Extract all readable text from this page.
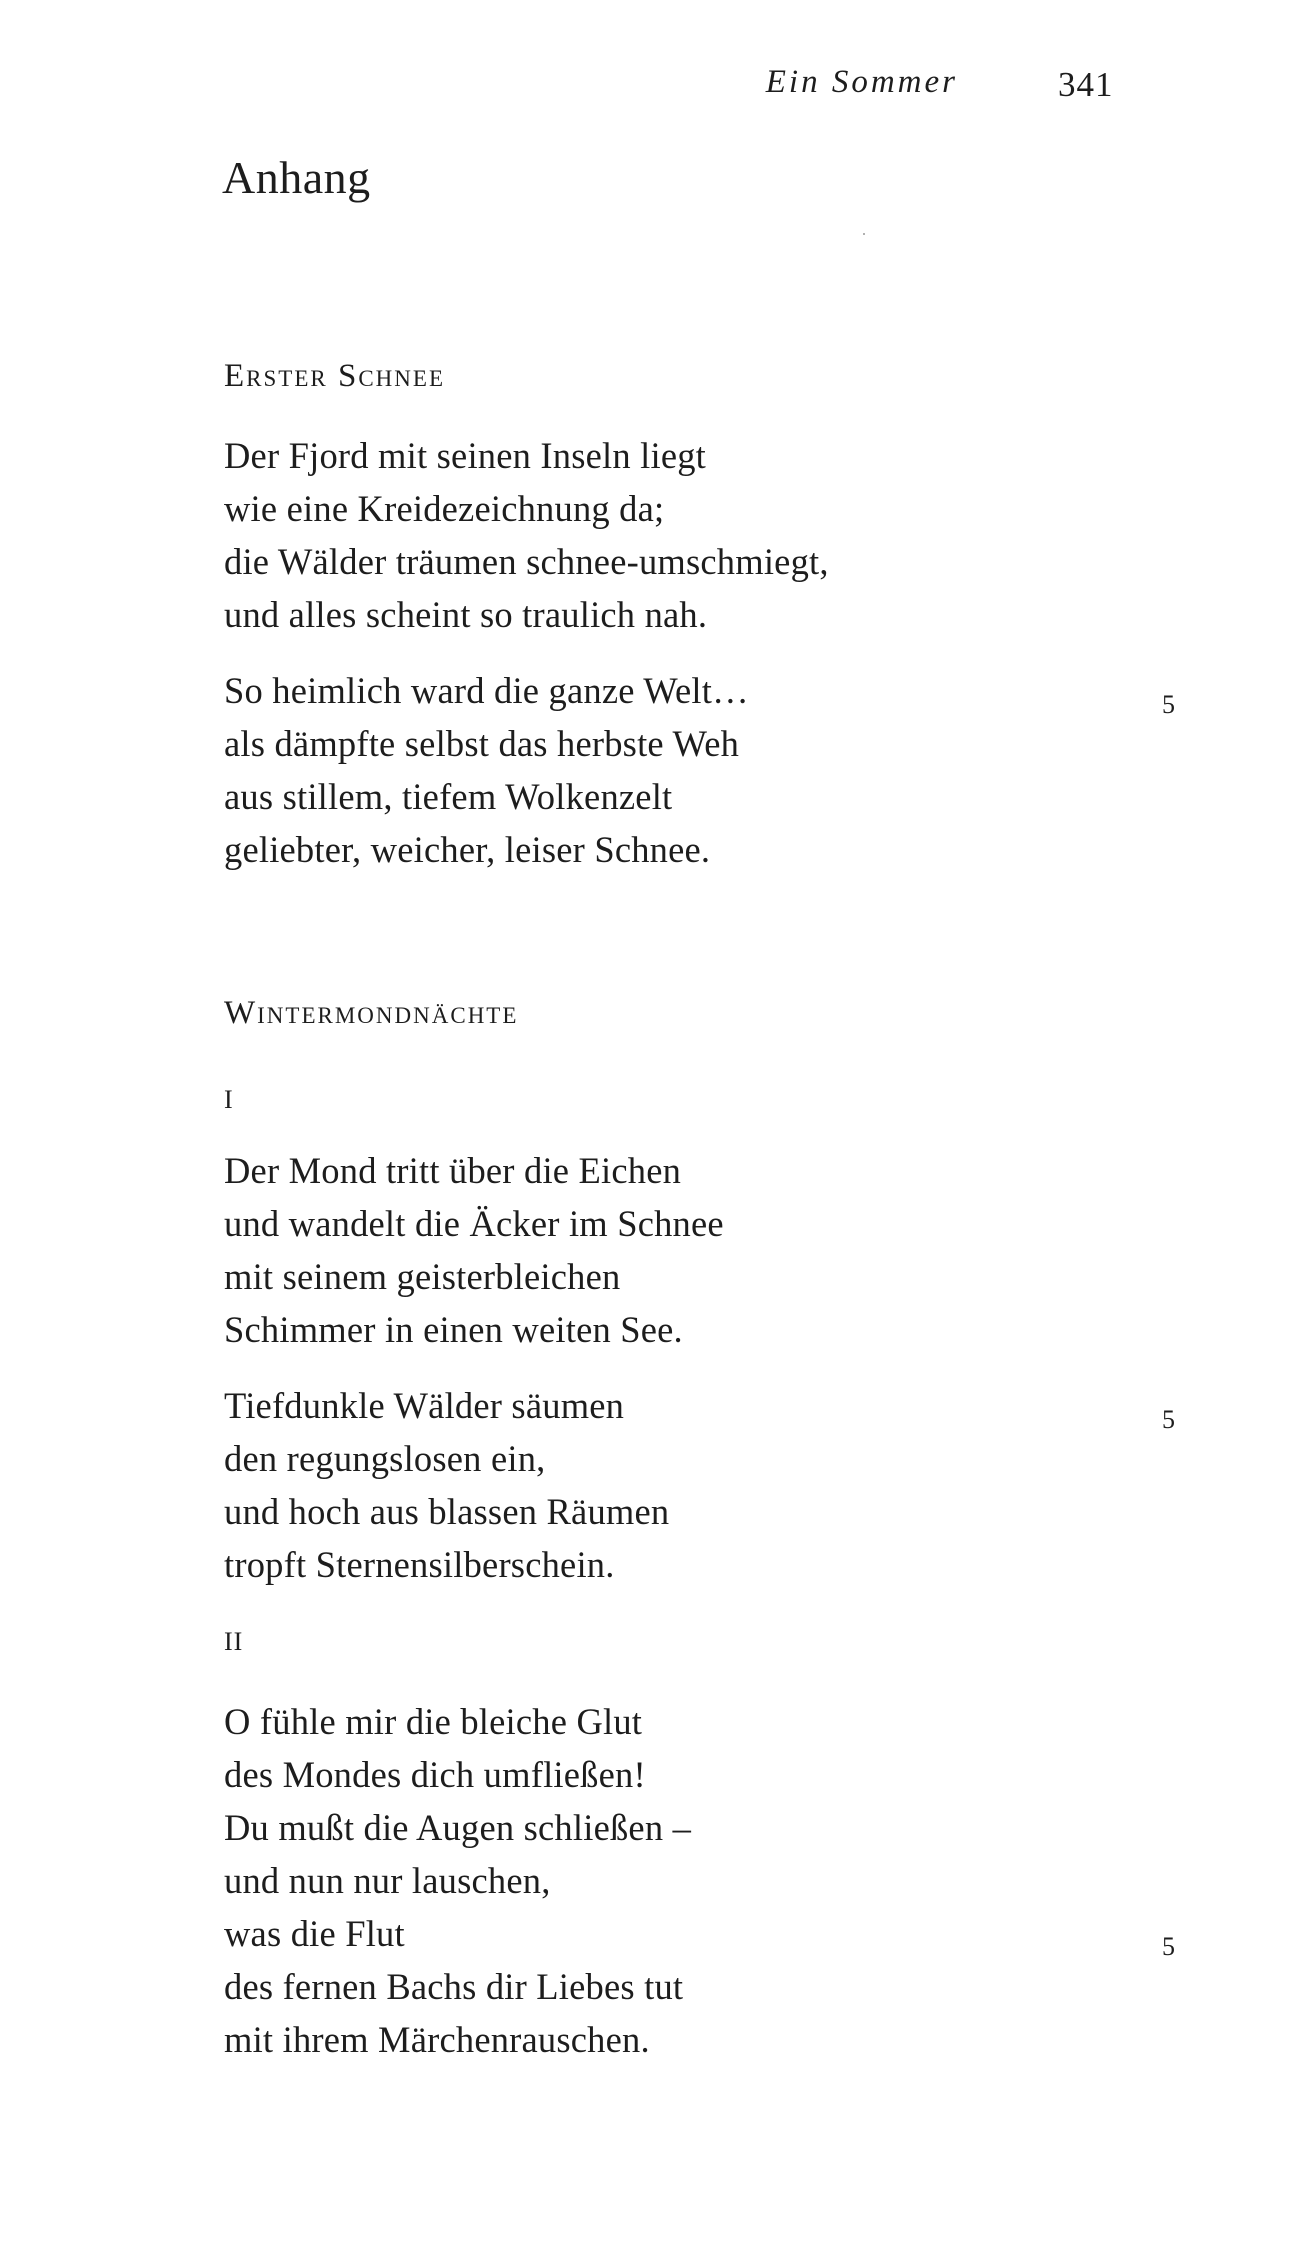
Ein Sommer	341
Anhang
Erster Schnee
Der Fjord mit seinen Inseln liegt
wie eine Kreidezeichnung da;
die Wälder träumen schnee-umschmiegt,
und alles scheint so traulich nah.
So heimlich ward die ganze Welt…
als dämpfte selbst das herbste Weh
aus stillem, tiefem Wolkenzelt
geliebter, weicher, leiser Schnee.
5
Wintermondnächte
I
Der Mond tritt über die Eichen
und wandelt die Äcker im Schnee
mit seinem geisterbleichen
Schimmer in einen weiten See.
Tiefdunkle Wälder säumen
den regungslosen ein,
und hoch aus blassen Räumen
tropft Sternensilberschein.
5
II
O fühle mir die bleiche Glut
des Mondes dich umfließen!
Du mußt die Augen schließen –
und nun nur lauschen,
was die Flut
des fernen Bachs dir Liebes tut
mit ihrem Märchenrauschen.
5
